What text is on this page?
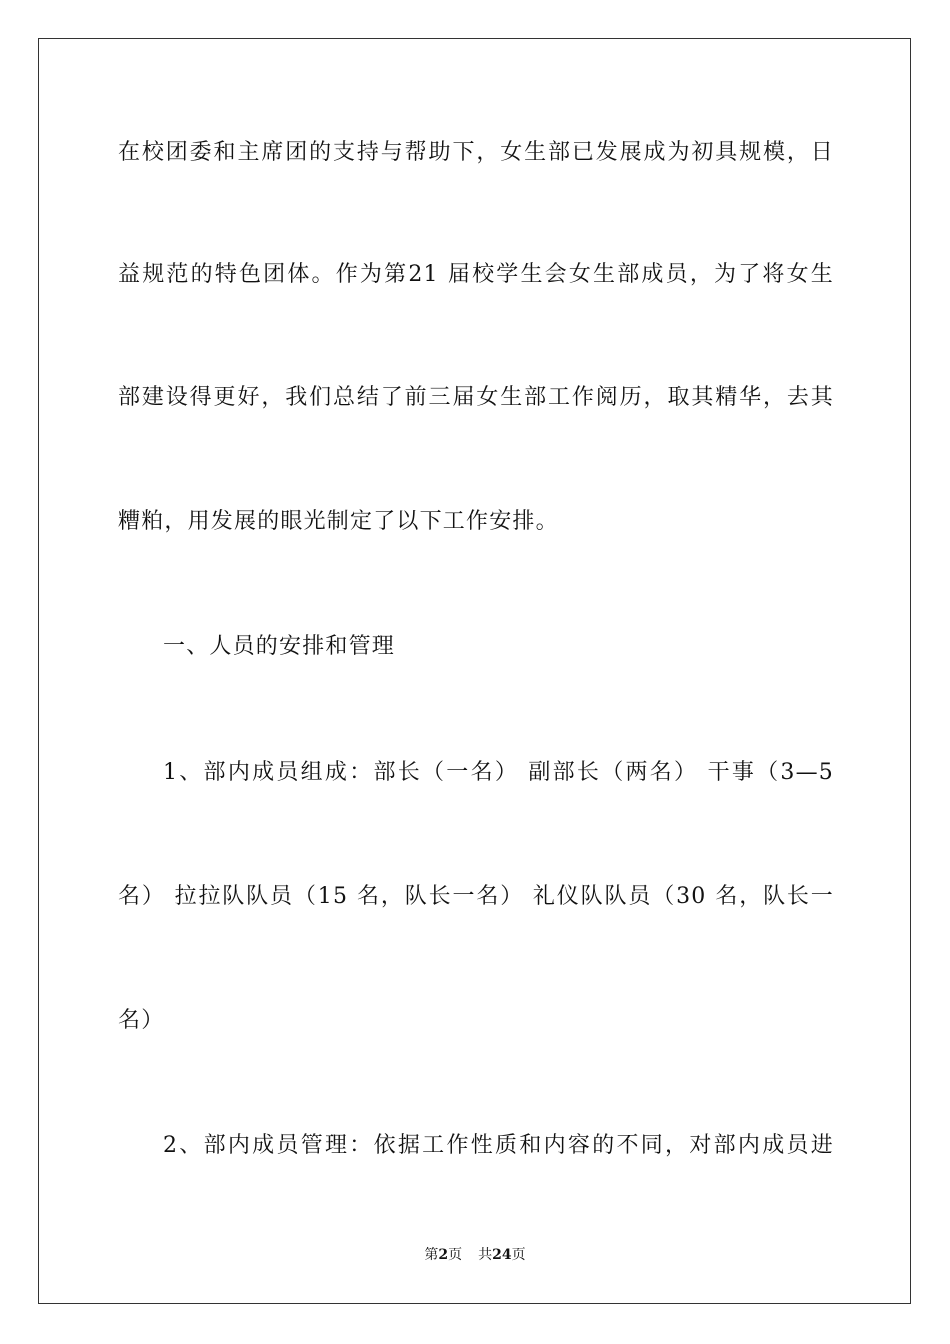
在校团委和主席团的支持与帮助下，女生部已发展成为初具规模，日
益规范的特色团体。作为第21 届校学生会女生部成员，为了将女生
部建设得更好，我们总结了前三届女生部工作阅历，取其精华，去其
糟粕，用发展的眼光制定了以下工作安排。
一、人员的安排和管理
1、部内成员组成：部长（一名） 副部长（两名） 干事（3—5
名） 拉拉队队员（15 名，队长一名） 礼仪队队员（30 名，队长一
名）
2、部内成员管理：依据工作性质和内容的不同，对部内成员进
第2页 共24页
